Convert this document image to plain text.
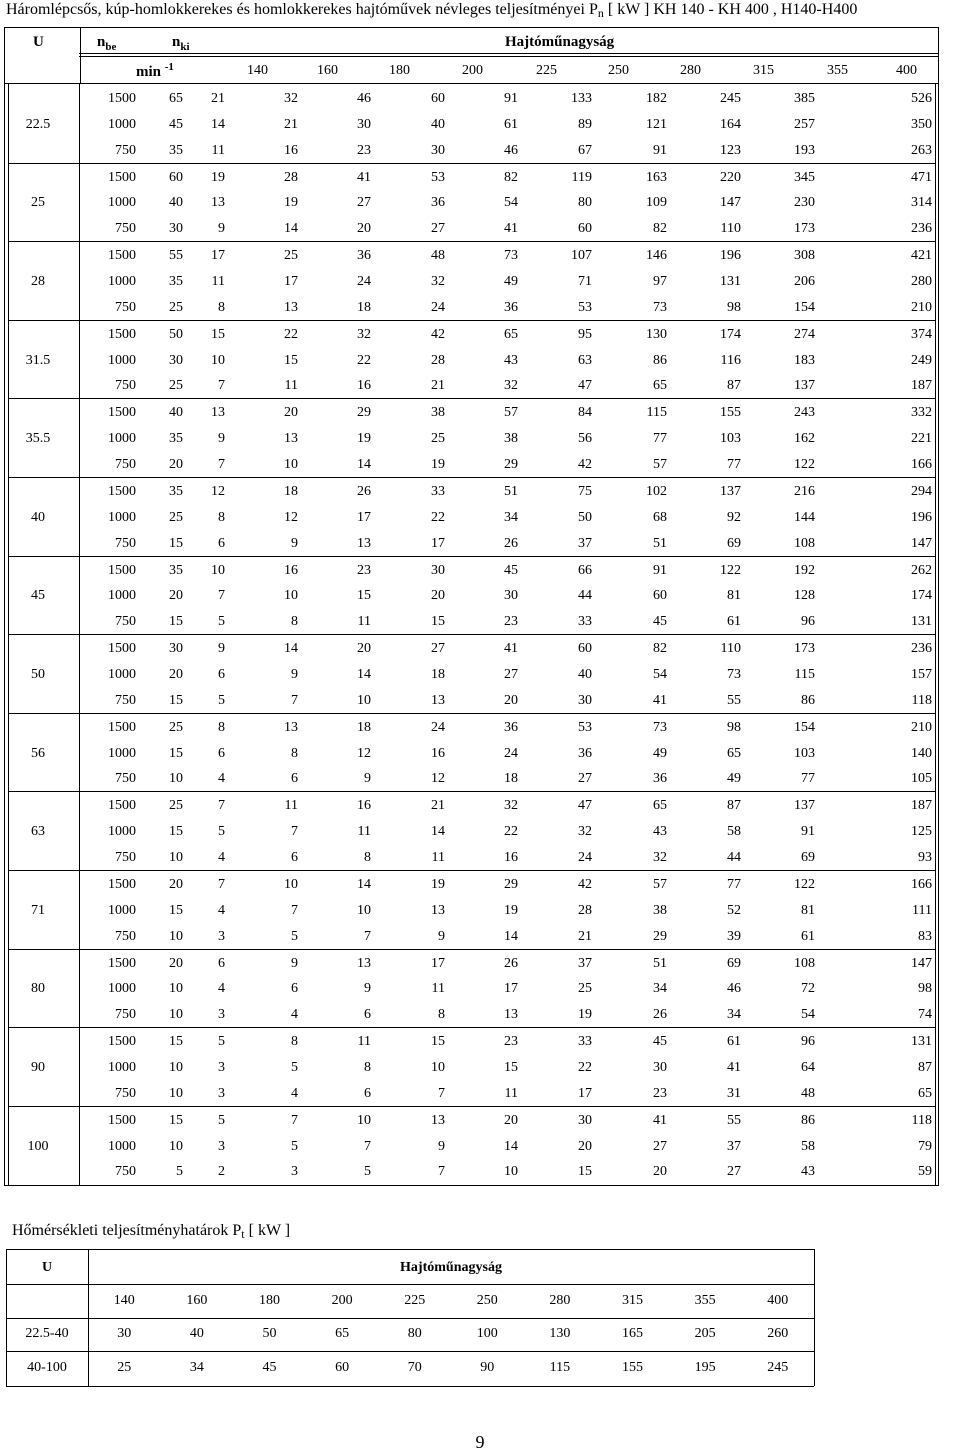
Háromlépcsős, kúp-homlokkerekes és homlokkerekes hajtóművek névleges teljesítményei $P_n$ [ kW ] KH 140 - KH 400 , H140-H400
U	$n_{be}$	$n_{ki}$	Hajtóműnagyság
min $^{-1}$	140	160	180	200	225	250	280	315	355	400
22.5
1500	65	21	32	46	60	91	133	182	245	385	526
1000	45	14	21	30	40	61	89	121	164	257	350
750	35	11	16	23	30	46	67	91	123	193	263
25
1500	60	19	28	41	53	82	119	163	220	345	471
1000	40	13	19	27	36	54	80	109	147	230	314
750	30	9	14	20	27	41	60	82	110	173	236
28
1500	55	17	25	36	48	73	107	146	196	308	421
1000	35	11	17	24	32	49	71	97	131	206	280
750	25	8	13	18	24	36	53	73	98	154	210
31.5
1500	50	15	22	32	42	65	95	130	174	274	374
1000	30	10	15	22	28	43	63	86	116	183	249
750	25	7	11	16	21	32	47	65	87	137	187
35.5
1500	40	13	20	29	38	57	84	115	155	243	332
1000	35	9	13	19	25	38	56	77	103	162	221
750	20	7	10	14	19	29	42	57	77	122	166
40
1500	35	12	18	26	33	51	75	102	137	216	294
1000	25	8	12	17	22	34	50	68	92	144	196
750	15	6	9	13	17	26	37	51	69	108	147
45
1500	35	10	16	23	30	45	66	91	122	192	262
1000	20	7	10	15	20	30	44	60	81	128	174
750	15	5	8	11	15	23	33	45	61	96	131
50
1500	30	9	14	20	27	41	60	82	110	173	236
1000	20	6	9	14	18	27	40	54	73	115	157
750	15	5	7	10	13	20	30	41	55	86	118
56
1500	25	8	13	18	24	36	53	73	98	154	210
1000	15	6	8	12	16	24	36	49	65	103	140
750	10	4	6	9	12	18	27	36	49	77	105
63
1500	25	7	11	16	21	32	47	65	87	137	187
1000	15	5	7	11	14	22	32	43	58	91	125
750	10	4	6	8	11	16	24	32	44	69	93
71
1500	20	7	10	14	19	29	42	57	77	122	166
1000	15	4	7	10	13	19	28	38	52	81	111
750	10	3	5	7	9	14	21	29	39	61	83
80
1500	20	6	9	13	17	26	37	51	69	108	147
1000	10	4	6	9	11	17	25	34	46	72	98
750	10	3	4	6	8	13	19	26	34	54	74
90
1500	15	5	8	11	15	23	33	45	61	96	131
1000	10	3	5	8	10	15	22	30	41	64	87
750	10	3	4	6	7	11	17	23	31	48	65
100
1500	15	5	7	10	13	20	30	41	55	86	118
1000	10	3	5	7	9	14	20	27	37	58	79
750	5	2	3	5	7	10	15	20	27	43	59
Hőmérsékleti teljesítményhatárok $P_t$ [ kW ]
U	Hajtóműnagyság
140	160	180	200	225	250	280	315	355	400
22.5-40	30	40	50	65	80	100	130	165	205	260
40-100	25	34	45	60	70	90	115	155	195	245
9
